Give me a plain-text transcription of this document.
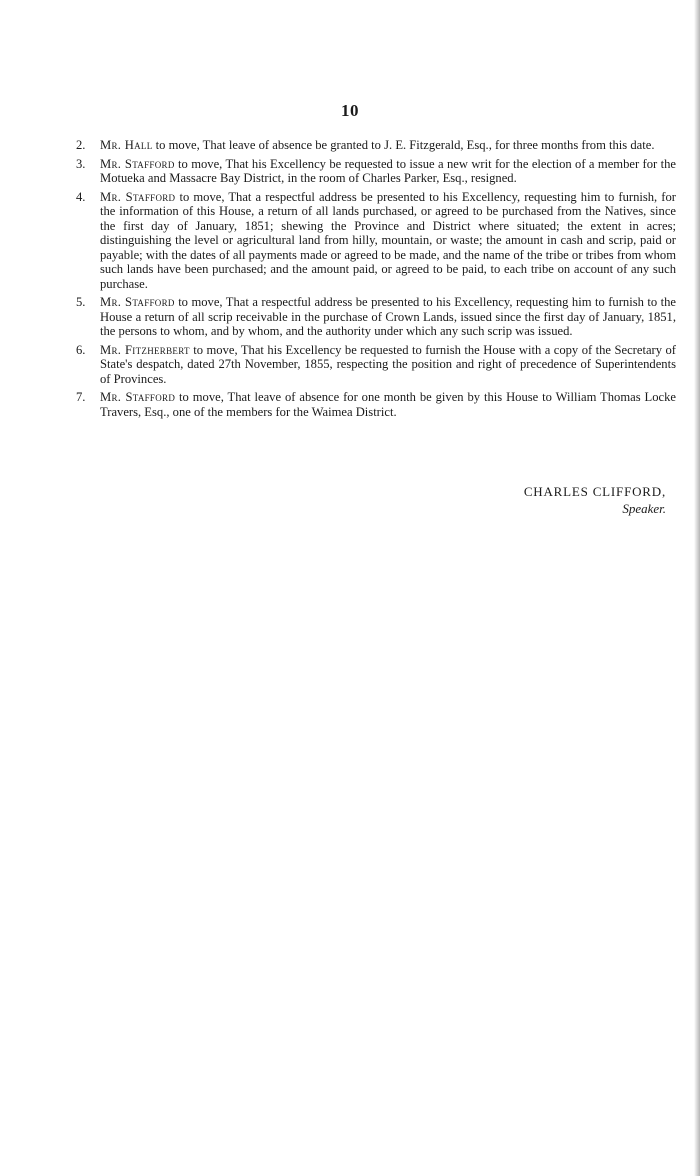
10
2. Mr. Hall to move, That leave of absence be granted to J. E. Fitzgerald, Esq., for three months from this date.
3. Mr. Stafford to move, That his Excellency be requested to issue a new writ for the election of a member for the Motueka and Massacre Bay District, in the room of Charles Parker, Esq., resigned.
4. Mr. Stafford to move, That a respectful address be presented to his Excellency, requesting him to furnish, for the information of this House, a return of all lands purchased, or agreed to be purchased from the Natives, since the first day of January, 1851; shewing the Province and District where situated; the extent in acres; distinguishing the level or agricultural land from hilly, mountain, or waste; the amount in cash and scrip, paid or payable; with the dates of all payments made or agreed to be made, and the name of the tribe or tribes from whom such lands have been purchased; and the amount paid, or agreed to be paid, to each tribe on account of any such purchase.
5. Mr. Stafford to move, That a respectful address be presented to his Excellency, requesting him to furnish to the House a return of all scrip receivable in the purchase of Crown Lands, issued since the first day of January, 1851, the persons to whom, and by whom, and the authority under which any such scrip was issued.
6. Mr. Fitzherbert to move, That his Excellency be requested to furnish the House with a copy of the Secretary of State's despatch, dated 27th November, 1855, respecting the position and right of precedence of Superintendents of Provinces.
7. Mr. Stafford to move, That leave of absence for one month be given by this House to William Thomas Locke Travers, Esq., one of the members for the Waimea District.
CHARLES CLIFFORD,
Speaker.
